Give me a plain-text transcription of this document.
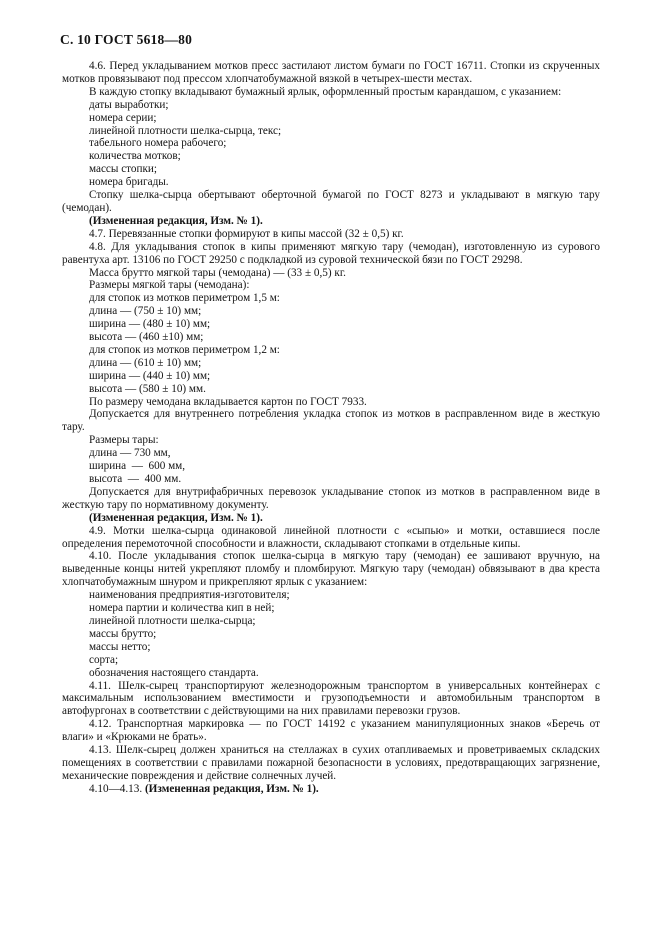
С. 10 ГОСТ 5618—80

4.6. Перед укладыванием мотков пресс застилают листом бумаги по ГОСТ 16711. Стопки из скрученных мотков провязывают под прессом хлопчатобумажной вязкой в четырех-шести местах.

В каждую стопку вкладывают бумажный ярлык, оформленный простым карандашом, с указанием:

даты выработки;

номера серии;

линейной плотности шелка-сырца, текс;

табельного номера рабочего;

количества мотков;

массы стопки;

номера бригады.

Стопку шелка-сырца обертывают оберточной бумагой по ГОСТ 8273 и укладывают в мягкую тару (чемодан).

(Измененная редакция, Изм. № 1).

4.7. Перевязанные стопки формируют в кипы массой (32 ± 0,5) кг.

4.8. Для укладывания стопок в кипы применяют мягкую тару (чемодан), изготовленную из сурового равентуха арт. 13106 по ГОСТ 29250 с подкладкой из суровой технической бязи по ГОСТ 29298.

Масса брутто мягкой тары (чемодана) — (33 ± 0,5) кг.

Размеры мягкой тары (чемодана):

для стопок из мотков периметром 1,5 м:

длина — (750 ± 10) мм;

ширина — (480 ± 10) мм;

высота — (460 ±10) мм;

для стопок из мотков периметром 1,2 м:

длина — (610 ± 10) мм;

ширина — (440 ± 10) мм;

высота — (580 ± 10) мм.

По размеру чемодана вкладывается картон по ГОСТ 7933.

Допускается для внутреннего потребления укладка стопок из мотков в расправленном виде в жесткую тару.

Размеры тары:

длина — 730 мм,

ширина  —  600 мм,

высота  —  400 мм.

Допускается для внутрифабричных перевозок укладывание стопок из мотков в расправленном виде в жесткую тару по нормативному документу.

(Измененная редакция, Изм. № 1).

4.9. Мотки шелка-сырца одинаковой линейной плотности с «сыпью» и мотки, оставшиеся после определения перемоточной способности и влажности, складывают стопками в отдельные кипы.

4.10. После укладывания стопок шелка-сырца в мягкую тару (чемодан) ее зашивают вручную, на выведенные концы нитей укрепляют пломбу и пломбируют. Мягкую тару (чемодан) обвязывают в два креста хлопчатобумажным шнуром и прикрепляют ярлык с указанием:

наименования предприятия-изготовителя;

номера партии и количества кип в ней;

линейной плотности шелка-сырца;

массы брутто;

массы нетто;

сорта;

обозначения настоящего стандарта.

4.11. Шелк-сырец транспортируют железнодорожным транспортом в универсальных контейнерах с максимальным использованием вместимости и грузоподъемности и автомобильным транспортом в автофургонах в соответствии с действующими на них правилами перевозки грузов.

4.12. Транспортная маркировка — по ГОСТ 14192 с указанием манипуляционных знаков «Беречь от влаги» и «Крюками не брать».

4.13. Шелк-сырец должен храниться на стеллажах в сухих отапливаемых и проветриваемых складских помещениях в соответствии с правилами пожарной безопасности в условиях, предотвращающих загрязнение, механические повреждения и действие солнечных лучей.

4.10—4.13. (Измененная редакция, Изм. № 1).
